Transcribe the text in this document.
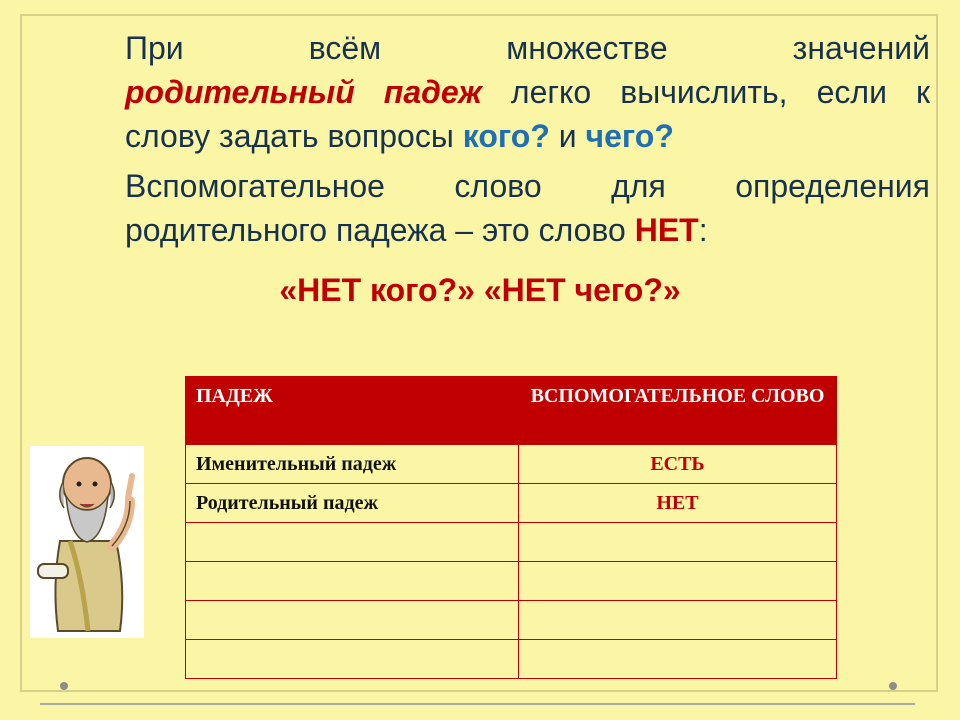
При всём множестве значений
родительный падеж легко вычислить, если к
слову задать вопросы кого? и чего?

Вспомогательное слово для определения
родительного падежа – это слово НЕТ:

«НЕТ кого?» «НЕТ чего?»
ПАДЕЖ	ВСПОМОГАТЕЛЬНОЕ СЛОВО
Именительный падеж	ЕСТЬ
Родительный падеж	НЕТ
